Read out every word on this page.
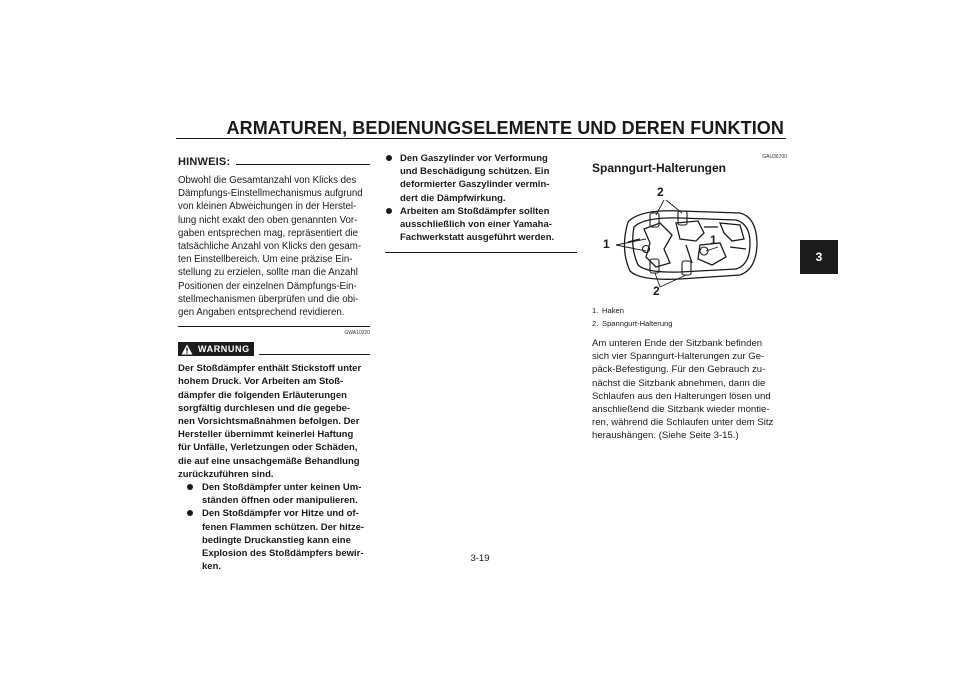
ARMATUREN, BEDIENUNGSELEMENTE UND DEREN FUNKTION
3
HINWEIS:
Obwohl die Gesamtanzahl von Klicks des
Dämpfungs-Einstellmechanismus aufgrund
von kleinen Abweichungen in der Herstel-
lung nicht exakt den oben genannten Vor-
gaben entsprechen mag, repräsentiert die
tatsächliche Anzahl von Klicks den gesam-
ten Einstellbereich. Um eine präzise Ein-
stellung zu erzielen, sollte man die Anzahl
Positionen der einzelnen Dämpfungs-Ein-
stellmechanismen überprüfen und die obi-
gen Angaben entsprechend revidieren.
GWA10220
WARNUNG
Der Stoßdämpfer enthält Stickstoff unter
hohem Druck. Vor Arbeiten am Stoß-
dämpfer die folgenden Erläuterungen
sorgfältig durchlesen und die gegebe-
nen Vorsichtsmaßnahmen befolgen. Der
Hersteller übernimmt keinerlei Haftung
für Unfälle, Verletzungen oder Schäden,
die auf eine unsachgemäße Behandlung
zurückzuführen sind.
Den Stoßdämpfer unter keinen Um-
ständen öffnen oder manipulieren.
Den Stoßdämpfer vor Hitze und of-
fenen Flammen schützen. Der hitze-
bedingte Druckanstieg kann eine
Explosion des Stoßdämpfers bewir-
ken.
Den Gaszylinder vor Verformung
und Beschädigung schützen. Ein
deformierter Gaszylinder vermin-
dert die Dämpfwirkung.
Arbeiten am Stoßdämpfer sollten
ausschließlich von einer Yamaha-
Fachwerkstatt ausgeführt werden.
GAU36700
Spanngurt-Halterungen
2
1	1
2
1. Haken
2. Spanngurt-Halterung
Am unteren Ende der Sitzbank befinden
sich vier Spanngurt-Halterungen zur Ge-
päck-Befestigung. Für den Gebrauch zu-
nächst die Sitzbank abnehmen, dann die
Schlaufen aus den Halterungen lösen und
anschließend die Sitzbank wieder montie-
ren, während die Schlaufen unter dem Sitz
heraushängen. (Siehe Seite 3-15.)
3-19
